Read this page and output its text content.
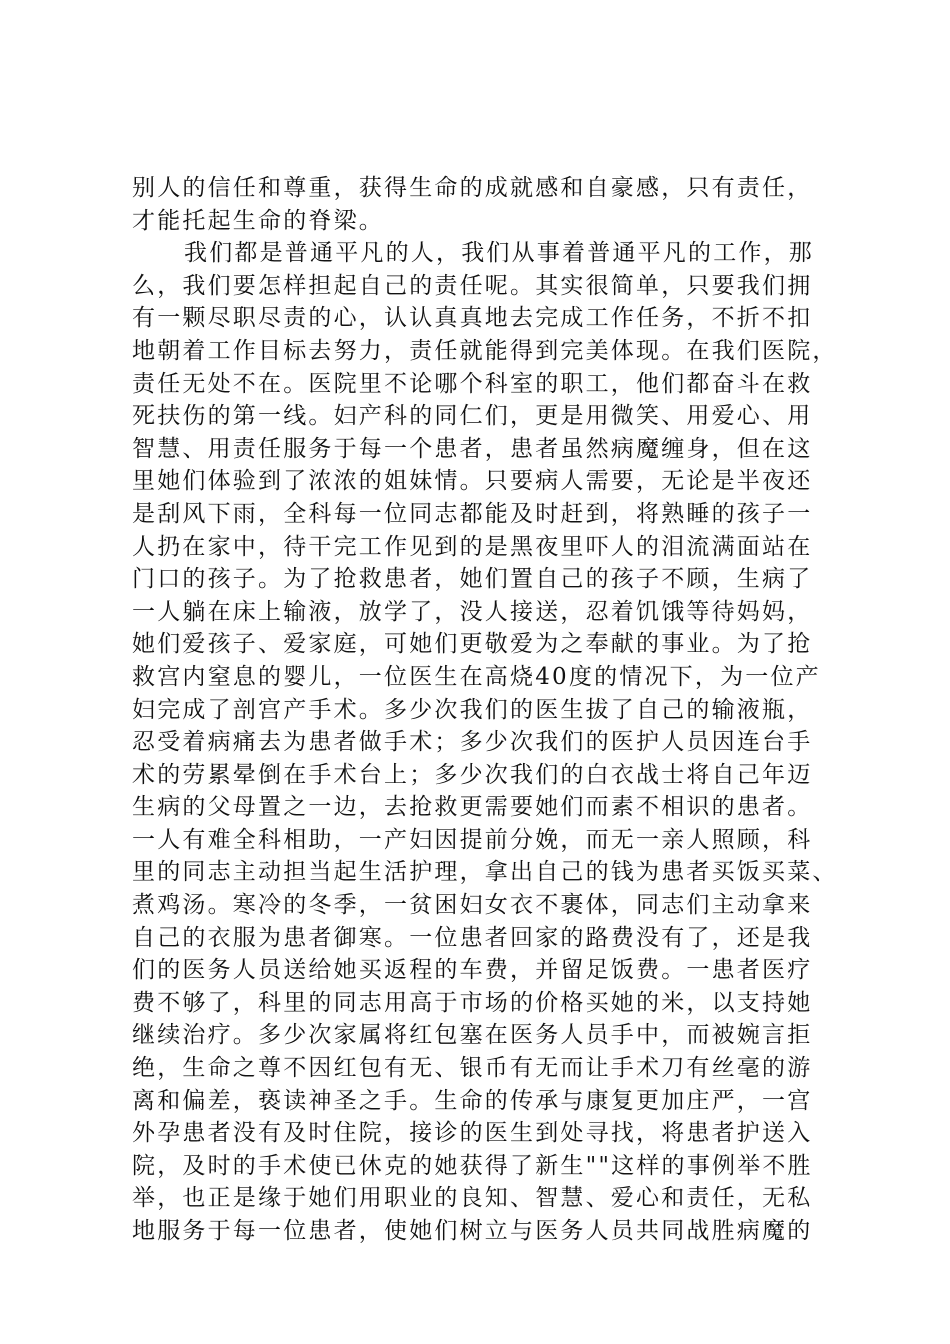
别人的信任和尊重，获得生命的成就感和自豪感，只有责任，
才能托起生命的脊梁。
我们都是普通平凡的人，我们从事着普通平凡的工作，那
么，我们要怎样担起自己的责任呢。其实很简单，只要我们拥
有一颗尽职尽责的心，认认真真地去完成工作任务，不折不扣
地朝着工作目标去努力，责任就能得到完美体现。在我们医院，
责任无处不在。医院里不论哪个科室的职工，他们都奋斗在救
死扶伤的第一线。妇产科的同仁们，更是用微笑、用爱心、用
智慧、用责任服务于每一个患者，患者虽然病魔缠身，但在这
里她们体验到了浓浓的姐妹情。只要病人需要，无论是半夜还
是刮风下雨，全科每一位同志都能及时赶到，将熟睡的孩子一
人扔在家中，待干完工作见到的是黑夜里吓人的泪流满面站在
门口的孩子。为了抢救患者，她们置自己的孩子不顾，生病了
一人躺在床上输液，放学了，没人接送，忍着饥饿等待妈妈，
她们爱孩子、爱家庭，可她们更敬爱为之奉献的事业。为了抢
救宫内窒息的婴儿，一位医生在高烧40度的情况下，为一位产
妇完成了剖宫产手术。多少次我们的医生拔了自己的输液瓶，
忍受着病痛去为患者做手术；多少次我们的医护人员因连台手
术的劳累晕倒在手术台上；多少次我们的白衣战士将自己年迈
生病的父母置之一边，去抢救更需要她们而素不相识的患者。
一人有难全科相助，一产妇因提前分娩，而无一亲人照顾，科
里的同志主动担当起生活护理，拿出自己的钱为患者买饭买菜、
煮鸡汤。寒冷的冬季，一贫困妇女衣不裹体，同志们主动拿来
自己的衣服为患者御寒。一位患者回家的路费没有了，还是我
们的医务人员送给她买返程的车费，并留足饭费。一患者医疗
费不够了，科里的同志用高于市场的价格买她的米，以支持她
继续治疗。多少次家属将红包塞在医务人员手中，而被婉言拒
绝，生命之尊不因红包有无、银币有无而让手术刀有丝毫的游
离和偏差，亵读神圣之手。生命的传承与康复更加庄严，一宫
外孕患者没有及时住院，接诊的医生到处寻找，将患者护送入
院，及时的手术使已休克的她获得了新生""这样的事例举不胜
举，也正是缘于她们用职业的良知、智慧、爱心和责任，无私
地服务于每一位患者，使她们树立与医务人员共同战胜病魔的
